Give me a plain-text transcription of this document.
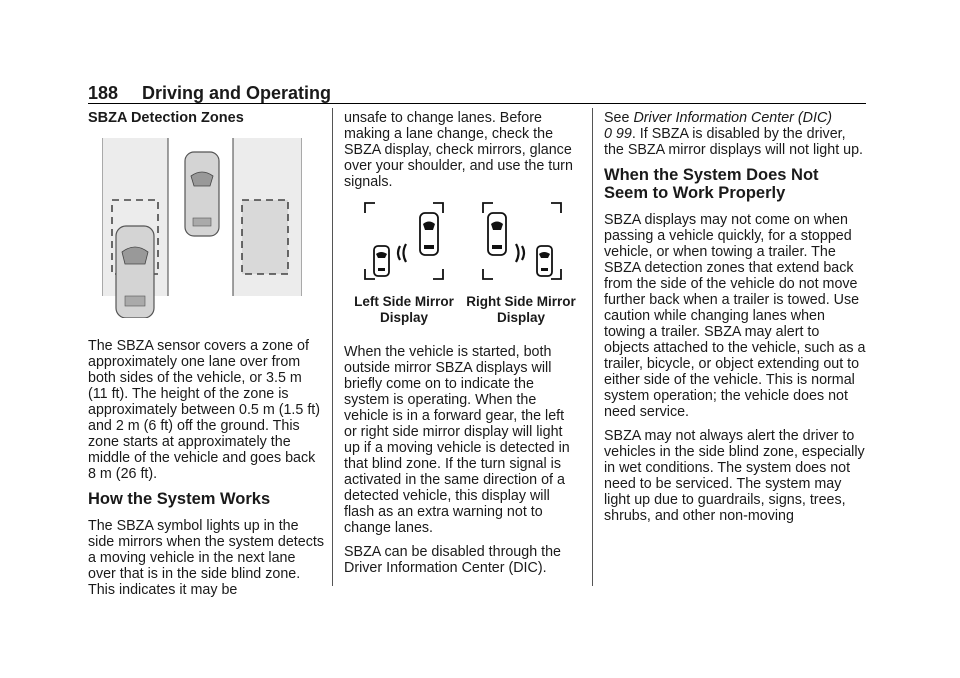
188 Driving and Operating
SBZA Detection Zones

The SBZA sensor covers a zone of approximately one lane over from both sides of the vehicle, or 3.5 m (11 ft). The height of the zone is approximately between 0.5 m (1.5 ft) and 2 m (6 ft) off the ground. This zone starts at approximately the middle of the vehicle and goes back 8 m (26 ft).

How the System Works

The SBZA symbol lights up in the side mirrors when the system detects a moving vehicle in the next lane over that is in the side blind zone. This indicates it may be

unsafe to change lanes. Before making a lane change, check the SBZA display, check mirrors, glance over your shoulder, and use the turn signals.

Left Side Mirror Display
Right Side Mirror Display

When the vehicle is started, both outside mirror SBZA displays will briefly come on to indicate the system is operating. When the vehicle is in a forward gear, the left or right side mirror display will light up if a moving vehicle is detected in that blind zone. If the turn signal is activated in the same direction of a detected vehicle, this display will flash as an extra warning not to change lanes.

SBZA can be disabled through the Driver Information Center (DIC).

See Driver Information Center (DIC)
0 99. If SBZA is disabled by the driver, the SBZA mirror displays will not light up.

When the System Does Not Seem to Work Properly

SBZA displays may not come on when passing a vehicle quickly, for a stopped vehicle, or when towing a trailer. The SBZA detection zones that extend back from the side of the vehicle do not move further back when a trailer is towed. Use caution while changing lanes when towing a trailer. SBZA may alert to objects attached to the vehicle, such as a trailer, bicycle, or object extending out to either side of the vehicle. This is normal system operation; the vehicle does not need service.

SBZA may not always alert the driver to vehicles in the side blind zone, especially in wet conditions. The system does not need to be serviced. The system may light up due to guardrails, signs, trees, shrubs, and other non-moving
